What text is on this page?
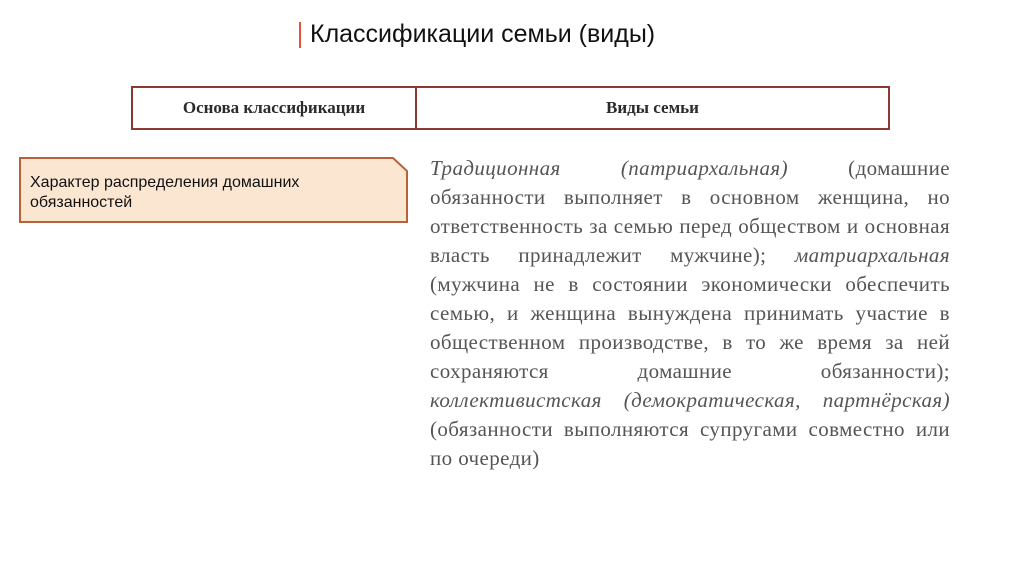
Классификации семьи (виды)
Основа классификации	Виды семьи
Характер распределения домашних обязанностей
Традиционная (патриархальная) (домашние обязанности выполняет в основном женщина, но ответственность за семью перед обществом и основная власть принадлежит мужчине); матриархальная (мужчина не в состоянии экономически обеспечить семью, и женщина вынуждена принимать участие в общественном производстве, в то же время за ней сохраняются домашние обязанности); коллективистская (демократическая, партнёрская) (обязанности выполняются супругами совместно или по очереди)
